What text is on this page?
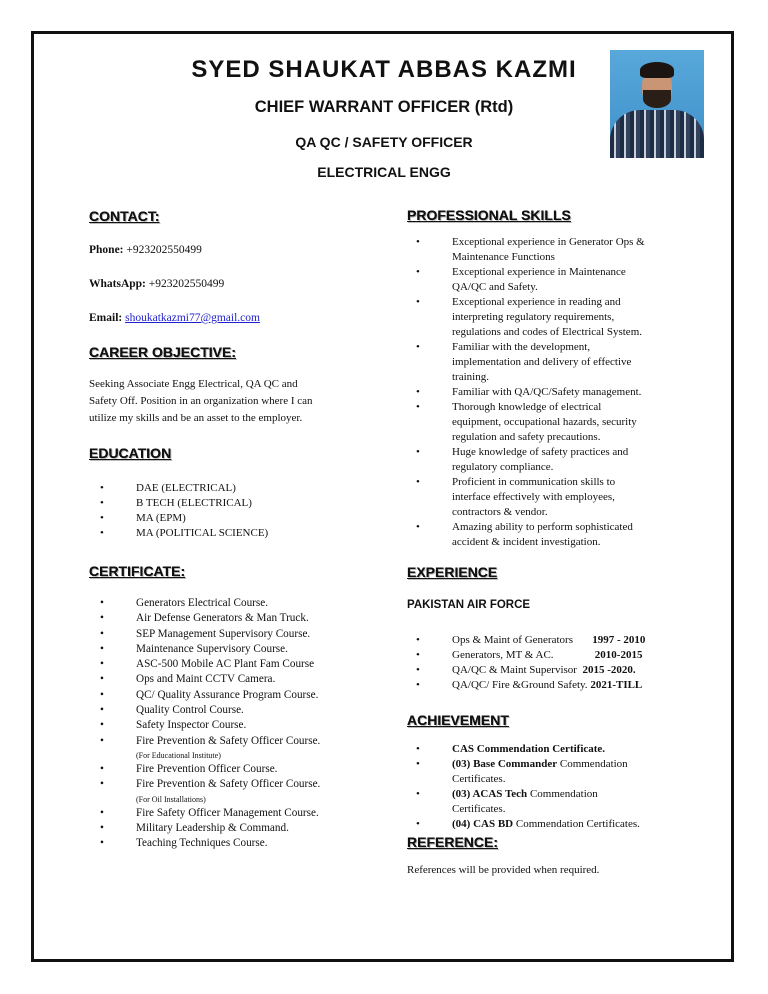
SYED SHAUKAT ABBAS KAZMI
CHIEF WARRANT OFFICER (Rtd)
QA QC / SAFETY OFFICER
ELECTRICAL ENGG
CONTACT:
Phone: +923202550499
WhatsApp: +923202550499
Email: shoukatkazmi77@gmail.com
CAREER OBJECTIVE:
Seeking Associate Engg Electrical, QA QC and
Safety Off. Position in an organization where I can
utilize my skills and be an asset to the employer.
EDUCATION
• DAE (ELECTRICAL)
• B TECH (ELECTRICAL)
• MA (EPM)
• MA (POLITICAL SCIENCE)
CERTIFICATE:
• Generators Electrical Course.
• Air Defense Generators & Man Truck.
• SEP Management Supervisory Course.
• Maintenance Supervisory Course.
• ASC-500 Mobile AC Plant Fam Course
• Ops and Maint CCTV Camera.
• QC/ Quality Assurance Program Course.
• Quality Control Course.
• Safety Inspector Course.
• Fire Prevention & Safety Officer Course.
(For Educational Institute)
• Fire Prevention Officer Course.
• Fire Prevention & Safety Officer Course.
(For Oil Installations)
• Fire Safety Officer Management Course.
• Military Leadership & Command.
• Teaching Techniques Course.
PROFESSIONAL SKILLS
• Exceptional experience in Generator Ops &
Maintenance Functions
• Exceptional experience in Maintenance
QA/QC and Safety.
• Exceptional experience in reading and
interpreting regulatory requirements,
regulations and codes of Electrical System.
• Familiar with the development,
implementation and delivery of effective
training.
• Familiar with QA/QC/Safety management.
• Thorough knowledge of electrical
equipment, occupational hazards, security
regulation and safety precautions.
• Huge knowledge of safety practices and
regulatory compliance.
• Proficient in communication skills to
interface effectively with employees,
contractors & vendor.
• Amazing ability to perform sophisticated
accident & incident investigation.
EXPERIENCE
PAKISTAN AIR FORCE
• Ops & Maint of Generators 1997 - 2010
• Generators, MT & AC.	2010-2015
• QA/QC & Maint Supervisor 2015 -2020.
• QA/QC/ Fire &Ground Safety. 2021-TILL
ACHIEVEMENT
• CAS Commendation Certificate.
• (03) Base Commander Commendation
Certificates.
• (03) ACAS Tech Commendation
Certificates.
• (04) CAS BD Commendation Certificates.
REFERENCE:
References will be provided when required.
